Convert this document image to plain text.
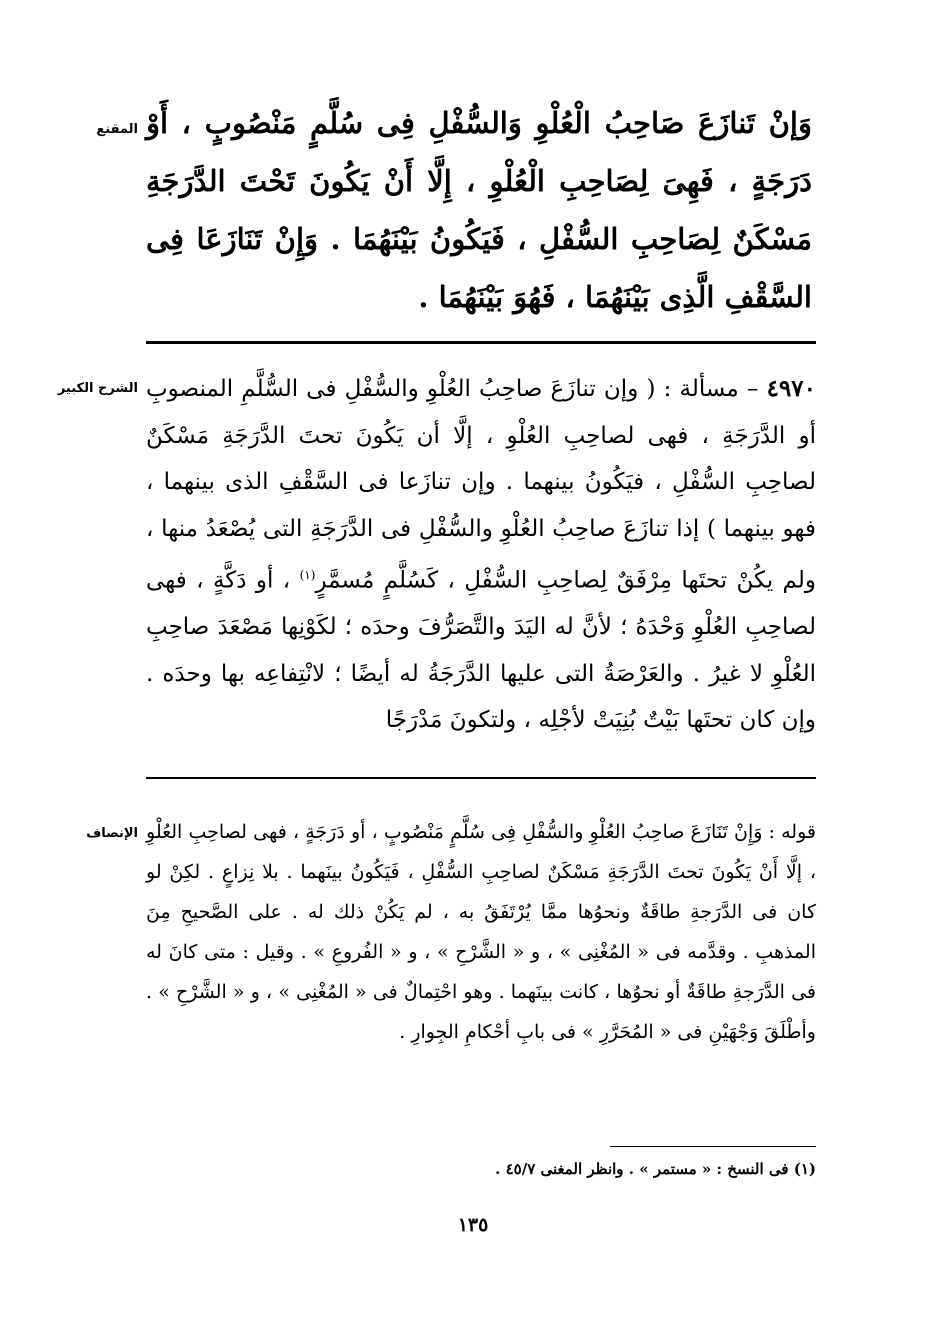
المقنع وَإنْ تَنازَعَ صَاحِبُ الْعُلْوِ وَالسُّفْلِ فِى سُلَّمٍ مَنْصُوبٍ ، أَوْ دَرَجَةٍ ، فَهِىَ لِصَاحِبِ الْعُلْوِ ، إِلَّا أَنْ يَكُونَ تَحْتَ الدَّرَجَةِ مَسْكَنٌ لِصَاحِبِ السُّفْلِ ، فَيَكُونُ بَيْنَهُمَا . وَإِنْ تَنَازَعَا فِى السَّقْفِ الَّذِى بَيْنَهُمَا ، فَهُوَ بَيْنَهُمَا .

الشرح الكبير	٤٩٧٠ – مسألة : ( وإن تنازَعَ صاحِبُ العُلْوِ والسُّفْلِ فى السُّلَّمِ المنصوبِ أو الدَّرَجَةِ ، فهى لصاحِبِ العُلْوِ ، إلَّا أن يَكُونَ تحتَ الدَّرَجَةِ مَسْكَنٌ لصاحِبِ السُّفْلِ ، فيَكُونُ بينهما . وإن تنازَعا فى السَّقْفِ الذى بينهما ، فهو بينهما ) إذا تنازَعَ صاحِبُ العُلْوِ والسُّفْلِ فى الدَّرَجَةِ التى يُصْعَدُ منها ، ولم يكُنْ تحتَها مِرْفَقٌ لِصاحِبِ السُّفْلِ ، كَسُلَّمٍ مُسمَّرٍ$^{(١)}$ ، أو دَكَّةٍ ، فهى لصاحِبِ العُلْوِ وَحْدَهُ ؛ لأنَّ له اليَدَ والتَّصَرُّفَ وحدَه ؛ لكَوْنِها مَصْعَدَ صاحِبِ العُلْوِ لا غيرُ . والعَرْصَةُ التى عليها الدَّرَجَةُ له أيضًا ؛ لانْتِفاعِه بها وحدَه . وإن كان تحتَها بَيْتٌ بُنِيَتْ لأجْلِه ، ولتكونَ مَدْرَجًا

الإنصاف قوله : وَإِنْ تَنَازَعَ صاحِبُ العُلْوِ والسُّفْلِ فِى سُلَّمٍ مَنْصُوبٍ ، أو دَرَجَةٍ ، فهى لصاحِبِ العُلْوِ ، إلَّا أَنْ يَكُونَ تحتَ الدَّرَجَةِ مَسْكَنٌ لصاحِبِ السُّفْلِ ، فَيَكُونُ بينَهما . بلا نِزاعٍ . لكِنْ لو كان فى الدَّرَجةِ طاقَةٌ ونحوُها ممَّا يُرْتَفَقُ به ، لم يَكُنْ ذلك له . على الصَّحيحِ مِنَ المذهبِ . وقدَّمه فى « المُغْنِى » ، و « الشَّرْحِ » ، و « الفُروعِ » . وقيل : متى كانَ له فى الدَّرَجةِ طاقَةٌ أو نحوُها ، كانت بينَهما . وهو احْتِمالٌ فى « المُغْنِى » ، و « الشَّرْحِ » . وأطْلَقَ وَجْهَيْنِ فى « المُحَرَّرِ » فى بابِ أحْكامِ الجِوارِ .

(١) فى النسخ : « مستمر » . وانظر المغنى ٤٥/٧ .
١٣٥
